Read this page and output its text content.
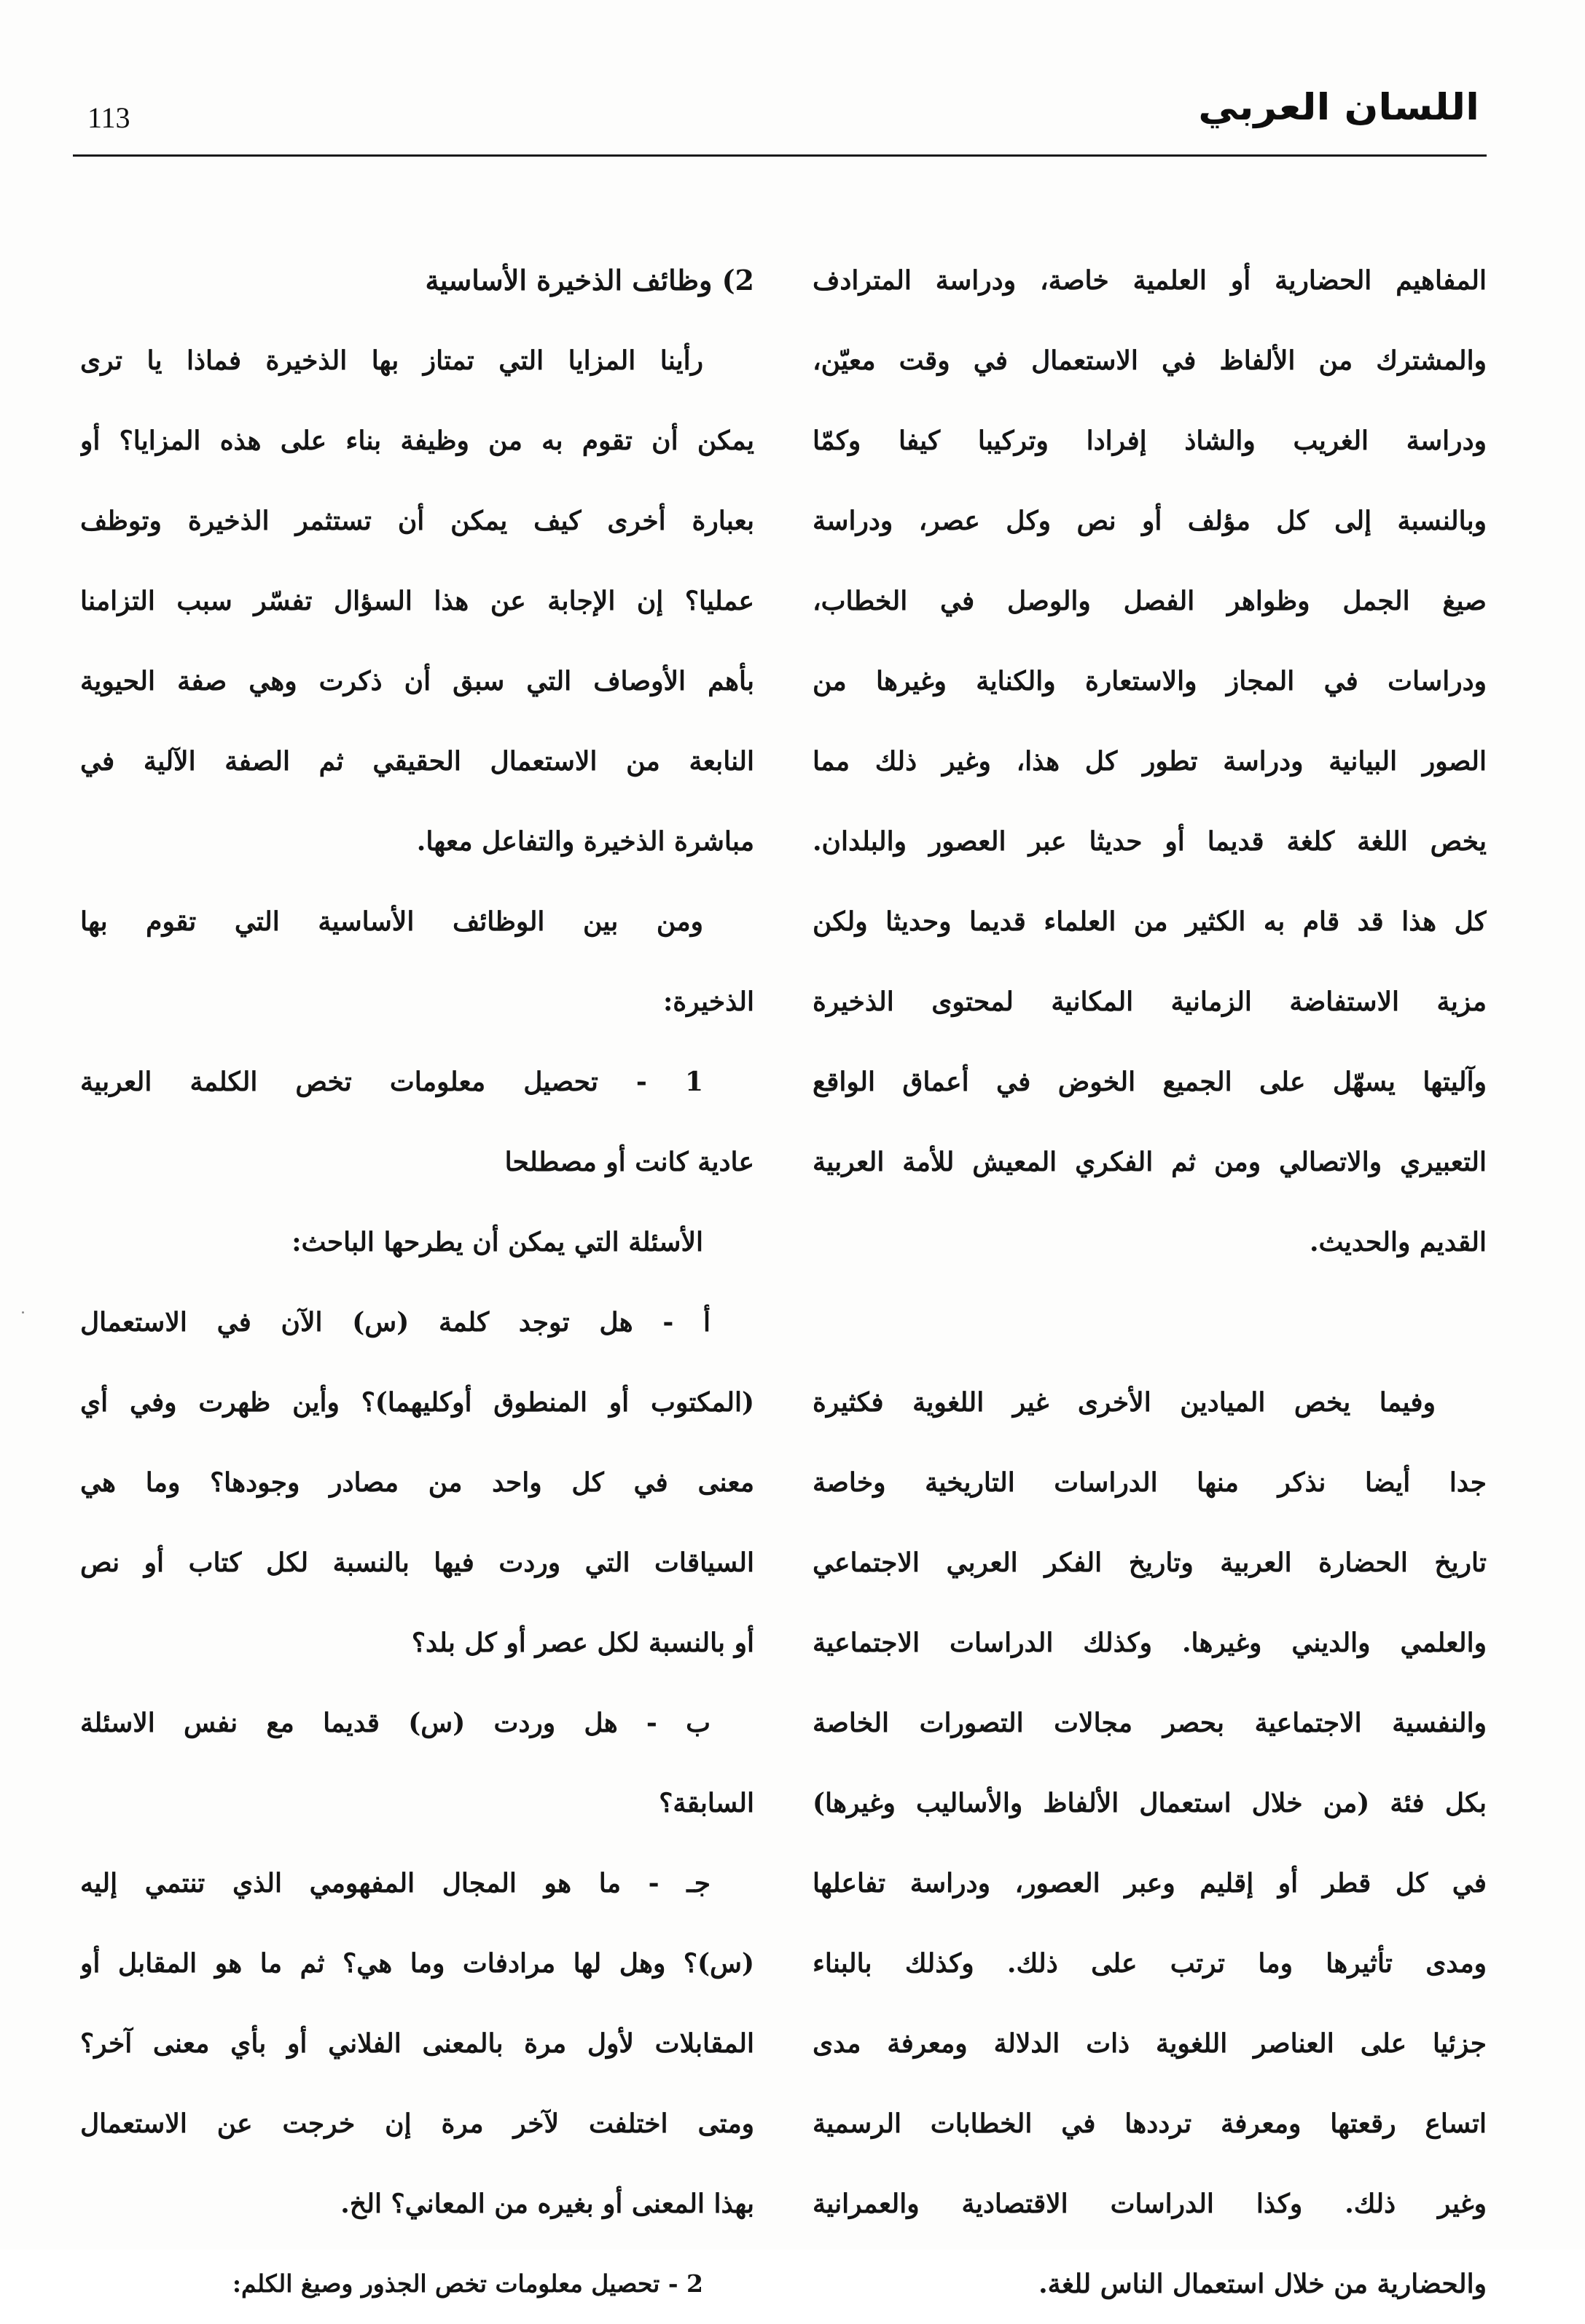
اللسان العربي
113
المفاهيم الحضارية أو العلمية خاصة، ودراسة المترادف
والمشترك من الألفاظ في الاستعمال في وقت معيّن،
ودراسة الغريب والشاذ إفرادا وتركيبا كيفا وكمّا
وبالنسبة إلى كل مؤلف أو نص وكل عصر، ودراسة
صيغ الجمل وظواهر الفصل والوصل في الخطاب،
ودراسات في المجاز والاستعارة والكناية وغيرها من
الصور البيانية ودراسة تطور كل هذا، وغير ذلك مما
يخص اللغة كلغة قديما أو حديثا عبر العصور والبلدان.
كل هذا قد قام به الكثير من العلماء قديما وحديثا ولكن
مزية الاستفاضة الزمانية المكانية لمحتوى الذخيرة
وآليتها يسهّل على الجميع الخوض في أعماق الواقع
التعبيري والاتصالي ومن ثم الفكري المعيش للأمة العربية
القديم والحديث.
وفيما يخص الميادين الأخرى غير اللغوية فكثيرة
جدا أيضا نذكر منها الدراسات التاريخية وخاصة
تاريخ الحضارة العربية وتاريخ الفكر العربي الاجتماعي
والعلمي والديني وغيرها. وكذلك الدراسات الاجتماعية
والنفسية الاجتماعية بحصر مجالات التصورات الخاصة
بكل فئة (من خلال استعمال الألفاظ والأساليب وغيرها)
في كل قطر أو إقليم وعبر العصور، ودراسة تفاعلها
ومدى تأثيرها وما ترتب على ذلك. وكذلك بالبناء
جزئيا على العناصر اللغوية ذات الدلالة ومعرفة مدى
اتساع رقعتها ومعرفة ترددها في الخطابات الرسمية
وغير ذلك. وكذا الدراسات الاقتصادية والعمرانية
والحضارية من خلال استعمال الناس للغة.
2) وظائف الذخيرة الأساسية
رأينا المزايا التي تمتاز بها الذخيرة فماذا يا ترى
يمكن أن تقوم به من وظيفة بناء على هذه المزايا؟ أو
بعبارة أخرى كيف يمكن أن تستثمر الذخيرة وتوظف
عمليا؟ إن الإجابة عن هذا السؤال تفسّر سبب التزامنا
بأهم الأوصاف التي سبق أن ذكرت وهي صفة الحيوية
النابعة من الاستعمال الحقيقي ثم الصفة الآلية في
مباشرة الذخيرة والتفاعل معها.
ومن بين الوظائف الأساسية التي تقوم بها
الذخيرة:
1 - تحصيل معلومات تخص الكلمة العربية
عادية كانت أو مصطلحا
الأسئلة التي يمكن أن يطرحها الباحث:
أ - هل توجد كلمة (س) الآن في الاستعمال
(المكتوب أو المنطوق أوكليهما)؟ وأين ظهرت وفي أي
معنى في كل واحد من مصادر وجودها؟ وما هي
السياقات التي وردت فيها بالنسبة لكل كتاب أو نص
أو بالنسبة لكل عصر أو كل بلد؟
ب - هل وردت (س) قديما مع نفس الاسئلة
السابقة؟
جـ - ما هو المجال المفهومي الذي تنتمي إليه
(س)؟ وهل لها مرادفات وما هي؟ ثم ما هو المقابل أو
المقابلات لأول مرة بالمعنى الفلاني أو بأي معنى آخر؟
ومتى اختلفت لآخر مرة إن خرجت عن الاستعمال
بهذا المعنى أو بغيره من المعاني؟ الخ.
2 - تحصيل معلومات تخص الجذور وصيغ الكلم:
